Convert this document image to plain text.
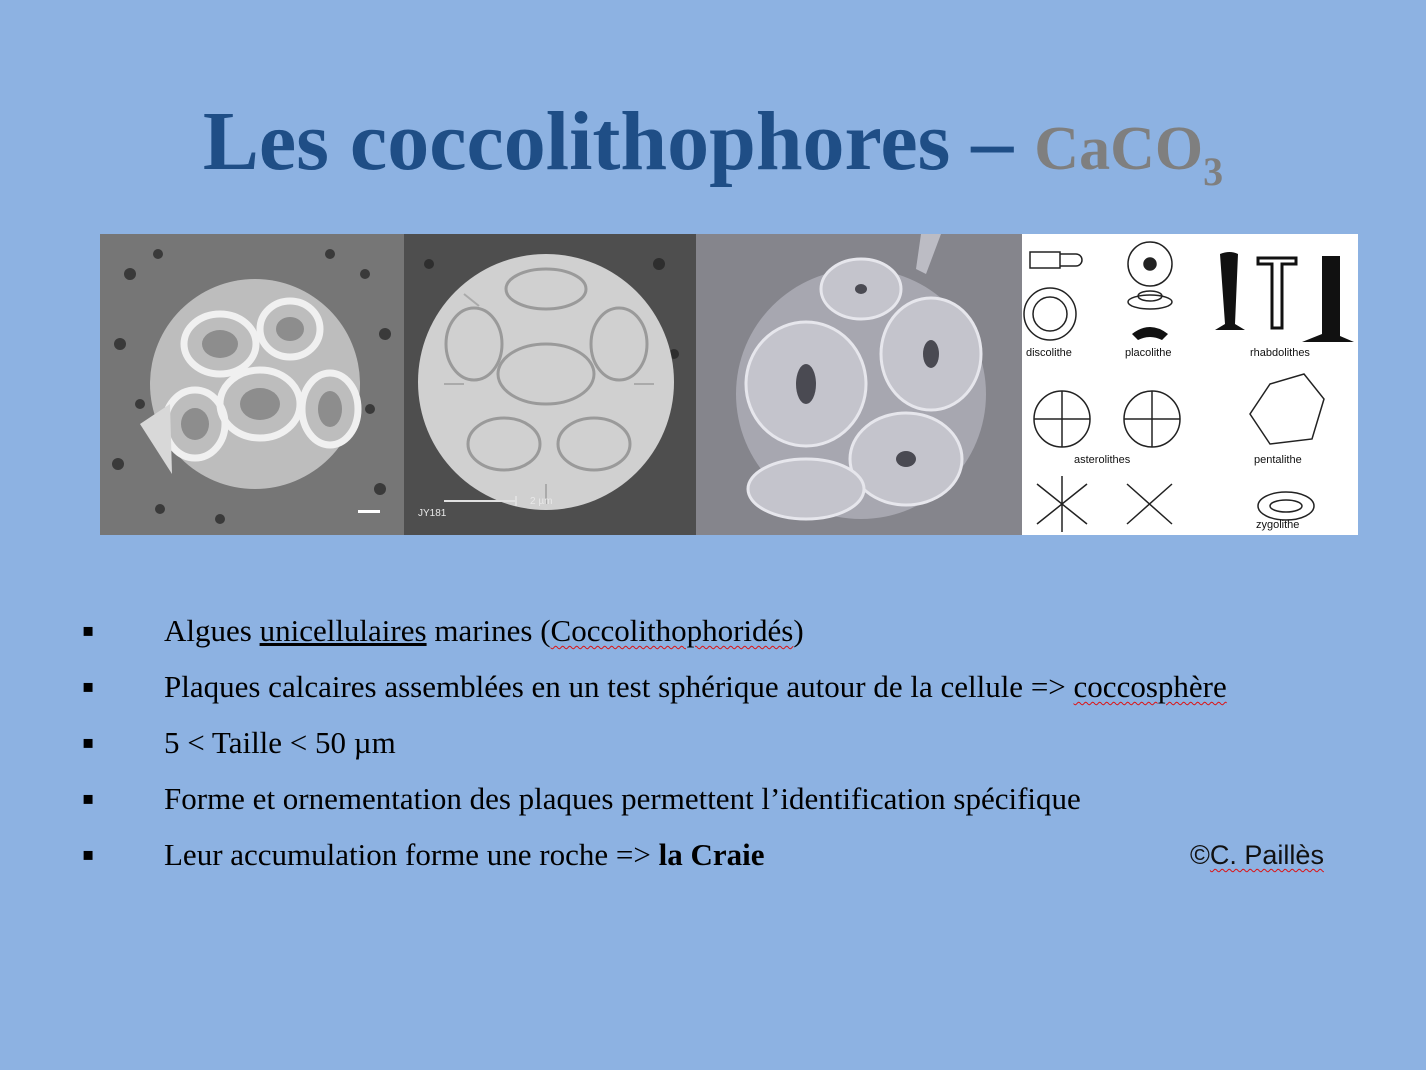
Les coccolithophores – CaCO$_3$
2 µm
JY181
discolithe	placolithe	rhabdolithes
asterolithes	pentalithe
zygolithe
▪ Algues unicellulaires marines (Coccolithophoridés)
▪ Plaques calcaires assemblées en un test sphérique autour de la cellule => coccosphère
▪ 5 < Taille < 50 µm
▪ Forme et ornementation des plaques permettent l’identification spécifique
▪ Leur accumulation forme une roche => la Craie	©C. Paillès
